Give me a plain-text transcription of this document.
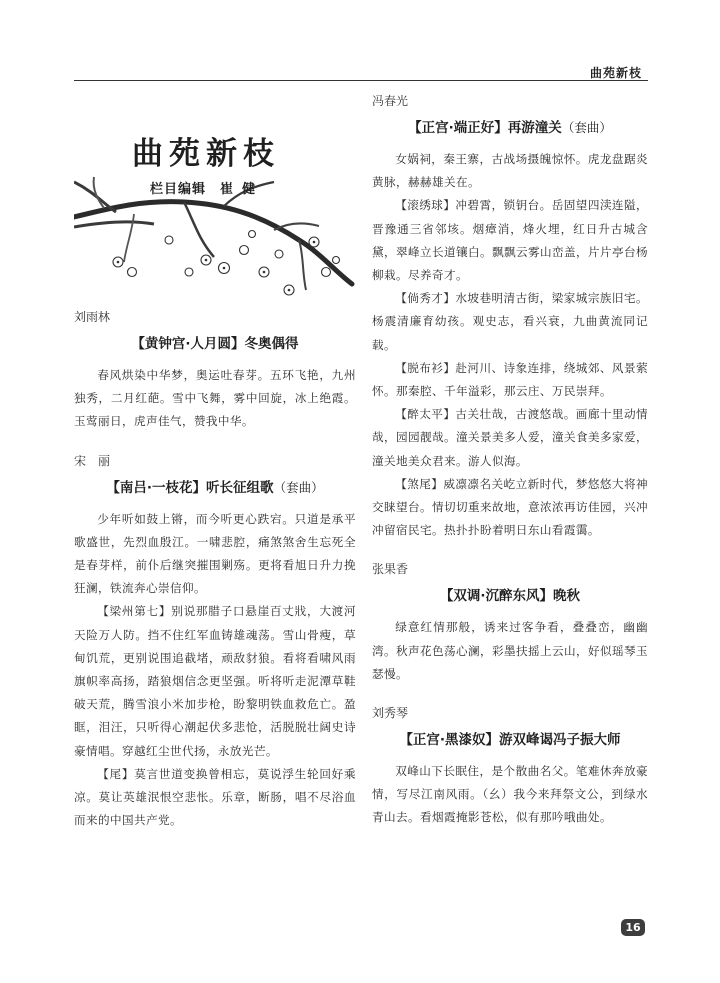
曲苑新枝
曲苑新枝
栏目编辑 崔健

刘雨林

【黄钟宫·人月圆】冬奥偶得

春风烘染中华梦，奥运吐春芽。五环飞艳，九州独秀，二月红葩。雪中飞舞，雾中回旋，冰上绝霞。玉莺丽日，虎声佳气，赞我中华。

宋　丽

【南吕·一枝花】听长征组歌（套曲）

少年听如鼓上锵，而今听更心跌宕。只道是承平歌盛世，先烈血殷江。一啸悲腔，痛煞煞舍生忘死全是春芽样，前仆后继突摧围剿殇。更将看旭日升力挽狂澜，铁流奔心崇信仰。

【梁州第七】别说那腊子口悬崖百丈戕，大渡河天险万人防。挡不住红军血铸雄魂荡。雪山骨瘦，草甸饥荒，更别说围追截堵，顽敌豺狼。看将看啸风雨旗帜率高扬，踏狼烟信念更坚强。听将听走泥潭草鞋破天荒，腾雪浪小米加步枪，盼黎明铁血救危亡。盈眶，泪汪，只听得心潮起伏多悲怆，活脱脱壮阔史诗豪情唱。穿越红尘世代扬，永放光芒。

【尾】莫言世道变换曾相忘，莫说浮生轮回好乘凉。莫让英雄泯恨空悲怅。乐章，断肠，唱不尽浴血而来的中国共产党。

冯春光

【正宫·端正好】再游潼关（套曲）

女娲祠，秦王寨，古战场摄魄惊怀。虎龙盘踞炎黄脉，赫赫雄关在。

【滚绣球】冲碧霄，锁钥台。岳固望四渎连隘，晋豫通三省邻垓。烟瘴消，烽火埋，红日升古城含黛，翠峰立长道镶白。飘飘云雾山峦盖，片片亭台杨柳栽。尽养奇才。

【倘秀才】水坡巷明清古街，梁家城宗族旧宅。杨震清廉育幼孩。观史志，看兴衰，九曲黄流同记载。

【脱布衫】赴河川、诗象连排，绕城郊、风景萦怀。那秦腔、千年溢彩，那云庄、万民崇拜。

【醉太平】古关壮哉，古渡悠哉。画廊十里动情哉，园园靓哉。潼关景美多人爱，潼关食美多家爱，潼关地美众君来。游人似海。

【煞尾】威凛凛名关屹立新时代，梦悠悠大将神交睐望台。情切切重来故地，意浓浓再访佳园，兴冲冲留宿民宅。热扑扑盼着明日东山看霞霭。

张果香

【双调·沉醉东风】晚秋

绿意红情那般，诱来过客争看，叠叠峦，幽幽湾。秋声花色荡心澜，彩墨扶摇上云山，好似瑶琴玉瑟慢。

刘秀琴

【正宫·黑漆奴】游双峰谒冯子振大师

双峰山下长眠住，是个散曲名父。笔难休奔放豪情，写尽江南风雨。（幺）我今来拜祭文公，到绿水青山去。看烟霞掩影苍松，似有那吟哦曲处。

16
